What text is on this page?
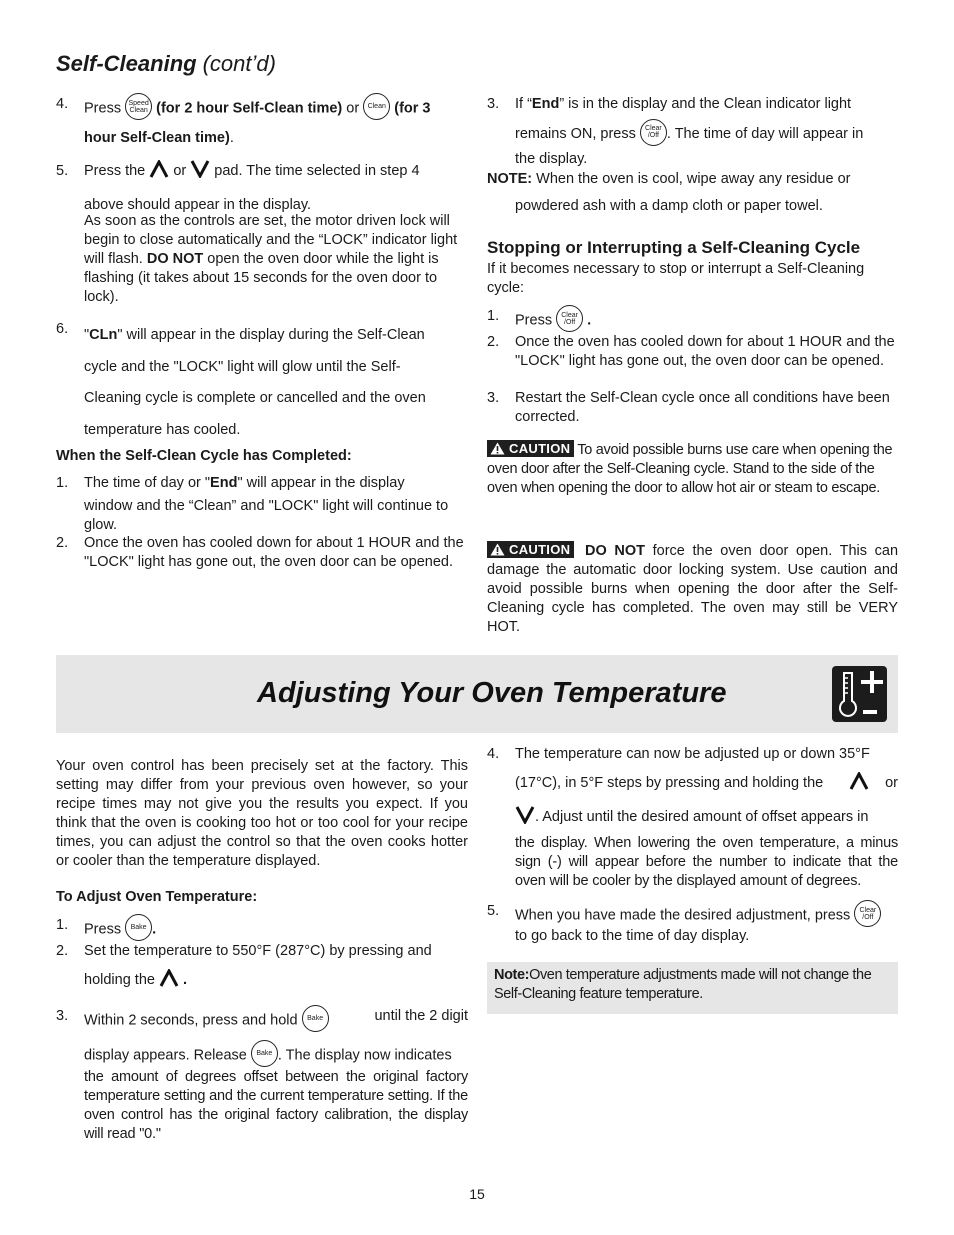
Self-Cleaning (cont’d)
4. Press Speed
Clean (for 2 hour Self-Clean time) or Clean (for 3
hour Self-Clean time).
5. Press the or pad. The time selected in step 4
above should appear in the display.
As soon as the controls are set, the motor driven lock will begin to close automatically and the “LOCK” indicator light will flash. DO NOT open the oven door while the light is flashing (it takes about 15 seconds for the oven door to lock).
6. "CLn" will appear in the display during the Self-Clean
cycle and the "LOCK" light will glow until the Self-
Cleaning cycle is complete or cancelled and the oven
temperature has cooled.
When the Self-Clean Cycle has Completed:
1. The time of day or "End" will appear in the display
window and the “Clean” and "LOCK" light will continue to glow.
2. Once the oven has cooled down for about 1 HOUR and the "LOCK" light has gone out, the oven door can be opened.
3. If “End” is in the display and the Clean indicator light
remains ON, press Clear
/Off . The time of day will appear in
the display.
NOTE: When the oven is cool, wipe away any residue or
powdered ash with a damp cloth or paper towel.
Stopping or Interrupting a Self-Cleaning Cycle
If it becomes necessary to stop or interrupt a Self-Cleaning cycle:
1. Press Clear
/Off .
2. Once the oven has cooled down for about 1 HOUR and the "LOCK" light has gone out, the oven door can be opened.
3. Restart the Self-Clean cycle once all conditions have been corrected.
CAUTION To avoid possible burns use care when opening the oven door after the Self-Cleaning cycle. Stand to the side of the oven when opening the door to allow hot air or steam to escape.
CAUTION DO NOT force the oven door open. This can damage the automatic door locking system. Use caution and avoid possible burns when opening the door after the Self-Cleaning cycle has completed. The oven may still be VERY HOT.
Adjusting Your Oven Temperature
Your oven control has been precisely set at the factory. This setting may differ from your previous oven however, so your recipe times may not give you the results you expect. If you think that the oven is cooking too hot or too cool for your recipe times, you can adjust the control so that the oven cooks hotter or cooler than the temperature displayed.
To Adjust Oven Temperature:
1. Press Bake .
2. Set the temperature to 550°F (287°C) by pressing and
holding the .
3. Within 2 seconds, press and hold Bake	until the 2 digit
display appears. Release Bake . The display now indicates
the amount of degrees offset between the original factory temperature setting and the current temperature setting. If the oven control has the original factory calibration, the display will read "0."
4. The temperature can now be adjusted up or down 35°F
(17°C), in 5°F steps by pressing and holding the	or
. Adjust until the desired amount of offset appears in
the display. When lowering the oven temperature, a minus sign (-) will appear before the number to indicate that the oven will be cooler by the displayed amount of degrees.
5. When you have made the desired adjustment, press Clear
/Off
to go back to the time of day display.
Note:Oven temperature adjustments made will not change the Self-Cleaning feature temperature.
15
